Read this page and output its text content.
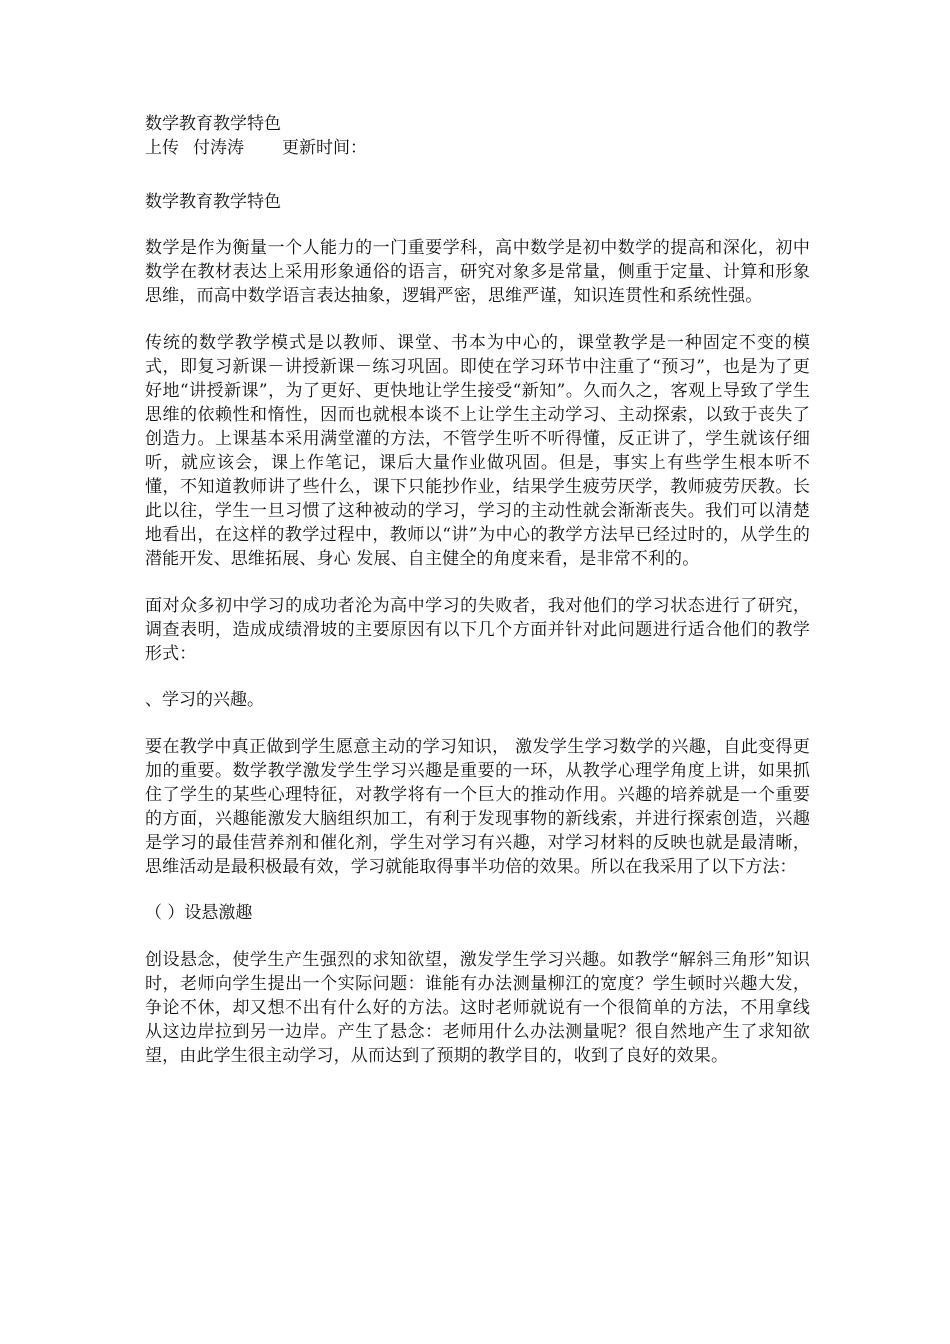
数学教育教学特色
上传 付涛涛 更新时间：
数学教育教学特色
数学是作为衡量一个人能力的一门重要学科，高中数学是初中数学的提高和深化，初中数学在教材表达上采用形象通俗的语言，研究对象多是常量，侧重于定量、计算和形象思维，而高中数学语言表达抽象，逻辑严密，思维严谨，知识连贯性和系统性强。
传统的数学教学模式是以教师、课堂、书本为中心的，课堂教学是一种固定不变的模式，即复习新课－讲授新课－练习巩固。即使在学习环节中注重了“预习”，也是为了更好地“讲授新课”，为了更好、更快地让学生接受“新知”。久而久之，客观上导致了学生思维的依赖性和惰性，因而也就根本谈不上让学生主动学习、主动探索，以致于丧失了创造力。上课基本采用满堂灌的方法，不管学生听不听得懂，反正讲了，学生就该仔细听，就应该会，课上作笔记，课后大量作业做巩固。但是，事实上有些学生根本听不懂，不知道教师讲了些什么，课下只能抄作业，结果学生疲劳厌学，教师疲劳厌教。长此以往，学生一旦习惯了这种被动的学习，学习的主动性就会渐渐丧失。我们可以清楚地看出，在这样的教学过程中，教师以“讲”为中心的教学方法早已经过时的，从学生的潜能开发、思维拓展、身心 发展、自主健全的角度来看，是非常不利的。
面对众多初中学习的成功者沦为高中学习的失败者，我对他们的学习状态进行了研究，调查表明，造成成绩滑坡的主要原因有以下几个方面并针对此问题进行适合他们的教学形式：
、学习的兴趣。
要在教学中真正做到学生愿意主动的学习知识， 激发学生学习数学的兴趣，自此变得更加的重要。数学教学激发学生学习兴趣是重要的一环，从教学心理学角度上讲，如果抓住了学生的某些心理特征，对教学将有一个巨大的推动作用。兴趣的培养就是一个重要的方面，兴趣能激发大脑组织加工，有利于发现事物的新线索，并进行探索创造，兴趣是学习的最佳营养剂和催化剂，学生对学习有兴趣，对学习材料的反映也就是最清晰，思维活动是最积极最有效，学习就能取得事半功倍的效果。所以在我采用了以下方法：
（ ）设悬激趣
创设悬念，使学生产生强烈的求知欲望，激发学生学习兴趣。如教学“解斜三角形”知识时，老师向学生提出一个实际问题：谁能有办法测量柳江的宽度？学生顿时兴趣大发，争论不休，却又想不出有什么好的方法。这时老师就说有一个很简单的方法，不用拿线从这边岸拉到另一边岸。产生了悬念：老师用什么办法测量呢？很自然地产生了求知欲望，由此学生很主动学习，从而达到了预期的教学目的，收到了良好的效果。
